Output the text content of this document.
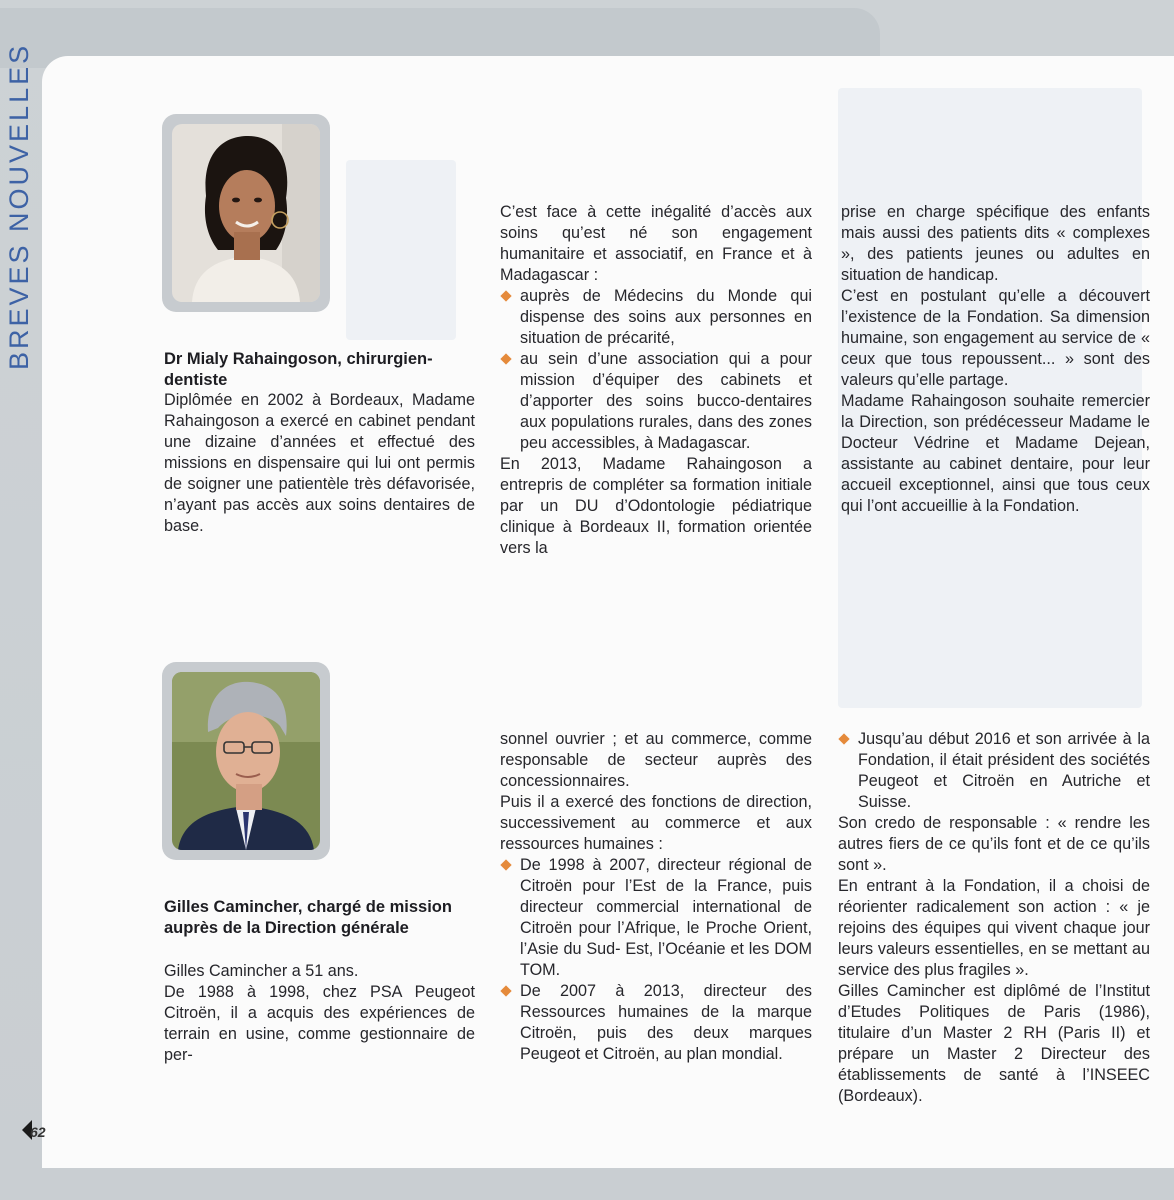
BREVES NOUVELLES	Dr Mialy Rahaingoson, chirurgien-dentiste

Diplômée en 2002 à Bordeaux, Madame Rahaingoson a exercé en cabinet pendant une dizaine d’années et effectué des missions en dispensaire qui lui ont permis de soigner une patientèle très défavorisée, n’ayant pas accès aux soins dentaires de base.

C’est face à cette inégalité d’accès aux soins qu’est né son engagement humanitaire et associatif, en France et à Madagascar :

auprès de Médecins du Monde qui dispense des soins aux personnes en situation de précarité,

au sein d’une association qui a pour mission d’équiper des cabinets et d’apporter des soins bucco-dentaires aux populations rurales, dans des zones peu accessibles, à Madagascar.

En 2013, Madame Rahaingoson a entrepris de compléter sa formation initiale par un DU d’Odontologie pédiatrique clinique à Bordeaux II, formation orientée vers la

prise en charge spécifique des enfants mais aussi des patients dits « complexes », des patients jeunes ou adultes en situation de handicap.

C’est en postulant qu’elle a découvert l’existence de la Fondation. Sa dimension humaine, son engagement au service de « ceux que tous repoussent... » sont des valeurs qu’elle partage.

Madame Rahaingoson souhaite remercier la Direction, son prédécesseur Madame le Docteur Védrine et Madame Dejean, assistante au cabinet dentaire, pour leur accueil exceptionnel, ainsi que tous ceux qui l’ont accueillie à la Fondation.

Gilles Camincher, chargé de mission auprès de la Direction générale

Gilles Camincher a 51 ans.

De 1988 à 1998, chez PSA Peugeot Citroën, il a acquis des expériences de terrain en usine, comme gestionnaire de per-

sonnel ouvrier ; et au commerce, comme responsable de secteur auprès des concessionnaires.

Puis il a exercé des fonctions de direction, successivement au commerce et aux ressources humaines :

De 1998 à 2007, directeur régional de Citroën pour l’Est de la France, puis directeur commercial international de Citroën pour l’Afrique, le Proche Orient, l’Asie du Sud- Est, l’Océanie et les DOM TOM.

De 2007 à 2013, directeur des Ressources humaines de la marque Citroën, puis des deux marques Peugeot et Citroën, au plan mondial.

Jusqu’au début 2016 et son arrivée à la Fondation, il était président des sociétés Peugeot et Citroën en Autriche et Suisse.

Son credo de responsable : « rendre les autres fiers de ce qu’ils font et de ce qu’ils sont ».

En entrant à la Fondation, il a choisi de réorienter radicalement son action : « je rejoins des équipes qui vivent chaque jour leurs valeurs essentielles, en se mettant au service des plus fragiles ».

Gilles Camincher est diplômé de l’Institut d’Etudes Politiques de Paris (1986), titulaire d’un Master 2 RH (Paris II) et prépare un Master 2 Directeur des établissements de santé à l’INSEEC (Bordeaux).

62
